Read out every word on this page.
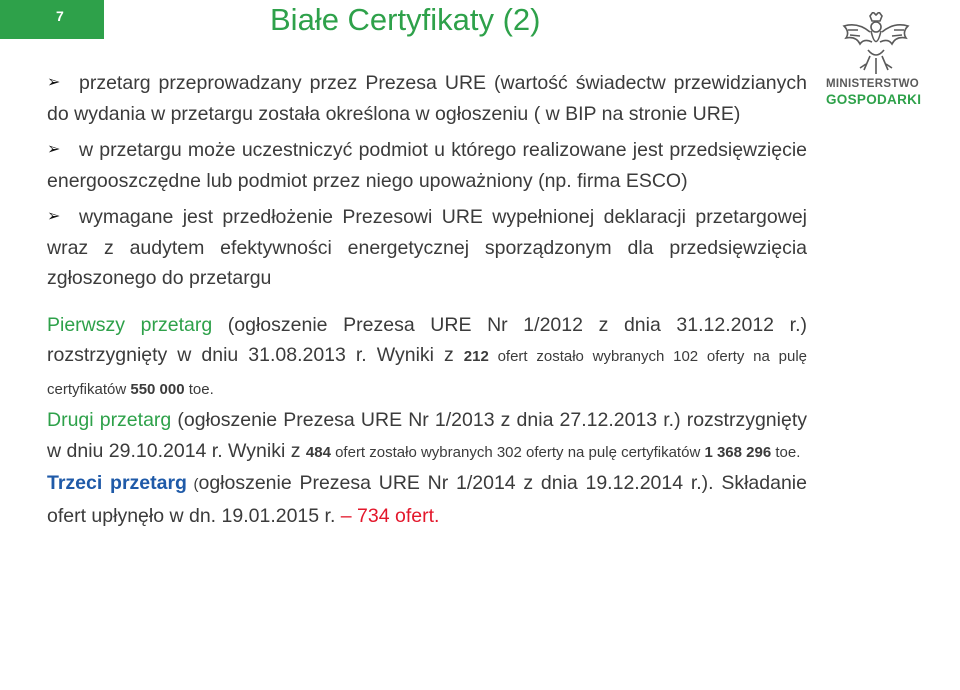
7	Białe Certyfikaty (2)
MINISTERSTWO
GOSPODARKI

➢ przetarg przeprowadzany przez Prezesa URE (wartość świadectw przewidzianych do wydania w przetargu została określona w ogłoszeniu ( w BIP na stronie URE)

➢ w przetargu może uczestniczyć podmiot u którego realizowane jest przedsięwzięcie energooszczędne lub podmiot przez niego upoważniony (np. firma ESCO)

➢ wymagane jest przedłożenie Prezesowi URE wypełnionej deklaracji przetargowej wraz z audytem efektywności energetycznej sporządzonym dla przedsięwzięcia zgłoszonego do przetargu

Pierwszy przetarg (ogłoszenie Prezesa URE Nr 1/2012 z dnia 31.12.2012 r.) rozstrzygnięty w dniu 31.08.2013 r. Wyniki z 212 ofert zostało wybranych 102 oferty na pulę certyfikatów 550 000 toe.

Drugi przetarg (ogłoszenie Prezesa URE Nr 1/2013 z dnia 27.12.2013 r.) rozstrzygnięty w dniu 29.10.2014 r. Wyniki z 484 ofert zostało wybranych 302 oferty na pulę certyfikatów 1 368 296 toe.

Trzeci przetarg (ogłoszenie Prezesa URE Nr 1/2014 z dnia 19.12.2014 r.). Składanie ofert upłynęło w dn. 19.01.2015 r. – 734 ofert.
